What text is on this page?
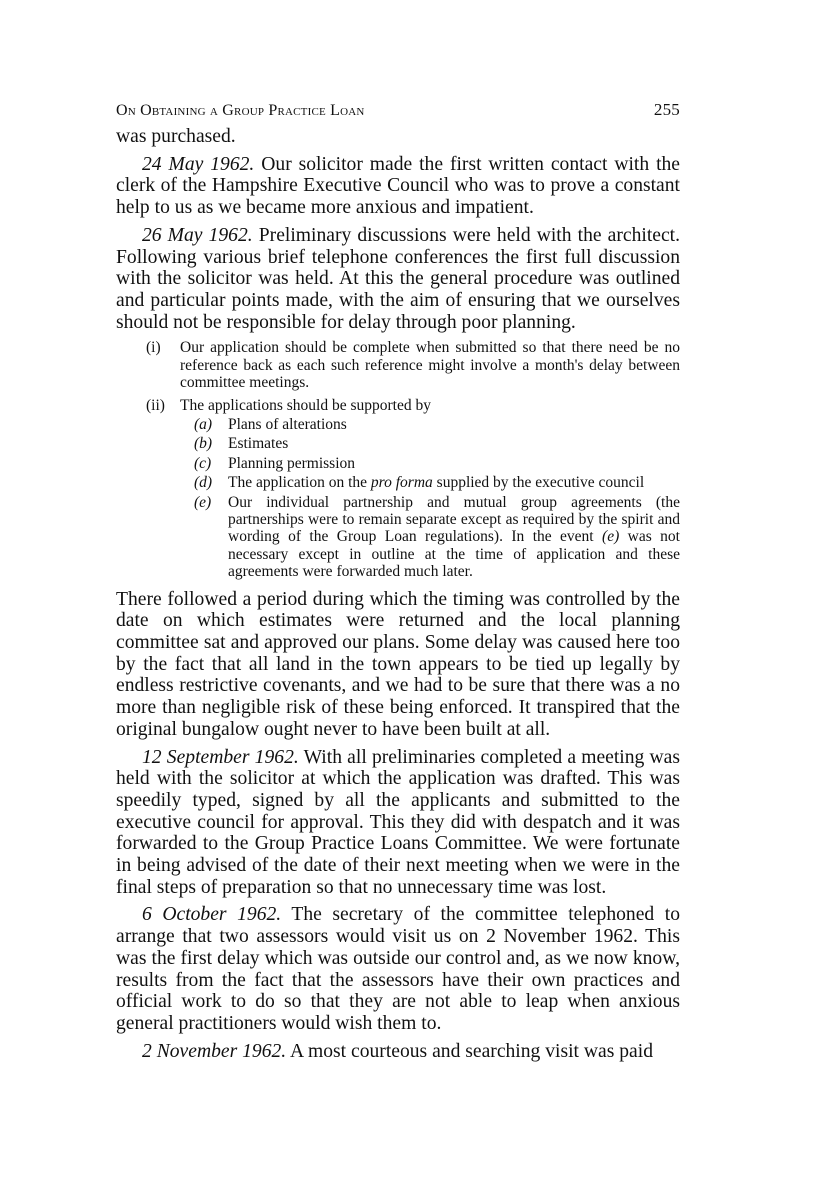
On Obtaining a Group Practice Loan	255

was purchased.

24 May 1962. Our solicitor made the first written contact with the clerk of the Hampshire Executive Council who was to prove a constant help to us as we became more anxious and impatient.

26 May 1962. Preliminary discussions were held with the architect. Following various brief telephone conferences the first full discussion with the solicitor was held. At this the general procedure was outlined and particular points made, with the aim of ensuring that we ourselves should not be responsible for delay through poor planning.

(i)	Our application should be complete when submitted so that there need be no reference back as each such reference might involve a month's delay between committee meetings.
(ii) The applications should be supported by
(a)	Plans of alterations
(b)	Estimates
(c)	Planning permission
(d)	The application on the pro forma supplied by the executive council
(e)	Our individual partnership and mutual group agreements (the partnerships were to remain separate except as required by the spirit and wording of the Group Loan regulations). In the event (e) was not necessary except in outline at the time of application and these agreements were forwarded much later.

There followed a period during which the timing was controlled by the date on which estimates were returned and the local planning committee sat and approved our plans. Some delay was caused here too by the fact that all land in the town appears to be tied up legally by endless restrictive covenants, and we had to be sure that there was a no more than negligible risk of these being enforced. It transpired that the original bungalow ought never to have been built at all.

12 September 1962. With all preliminaries completed a meeting was held with the solicitor at which the application was drafted. This was speedily typed, signed by all the applicants and submitted to the executive council for approval. This they did with despatch and it was forwarded to the Group Practice Loans Committee. We were fortunate in being advised of the date of their next meeting when we were in the final steps of preparation so that no unnecessary time was lost.

6 October 1962. The secretary of the committee telephoned to arrange that two assessors would visit us on 2 November 1962. This was the first delay which was outside our control and, as we now know, results from the fact that the assessors have their own practices and official work to do so that they are not able to leap when anxious general practitioners would wish them to.

2 November 1962. A most courteous and searching visit was paid
